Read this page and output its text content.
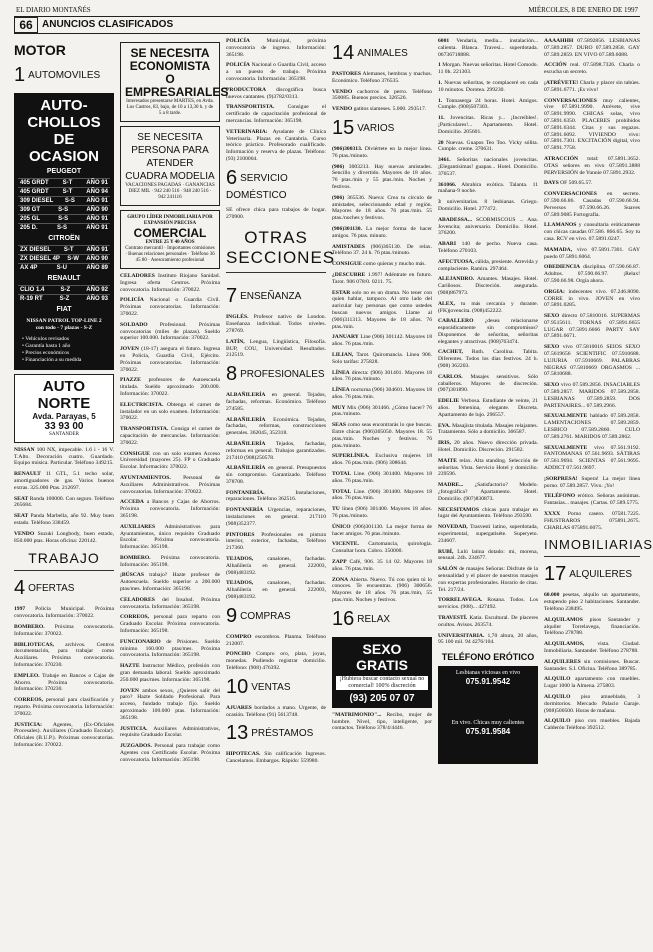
EL DIARIO MONTAÑÉS	MIÉRCOLES, 8 DE ENERO DE 1997
66 ANUNCIOS CLASIFICADOS
MOTOR
1 AUTOMOVILES
AUTO-CHOLLOS DE OCASION
PEUGEOT
405 GRDT S-T AÑO 91
405 GRDT S-T AÑO 94
309 DIESEL S-S AÑO 91
309 GT	S-S	AÑO 90
205 GL	S-S	AÑO 91
205 D.	S-S	AÑO 91
CITROËN
ZX DIESEL S-T AÑO 91
ZX DIESEL 4P S-W AÑO 90
AX 4P	S-U	AÑO 89
RENAULT
CLIO 1.4	S-Z	AÑO 92
R-19 RT	S-Z	AÑO 93
FIAT
NISSAN PATROL TOP-LINE 2 con todo - 7 plazas - S-Z
• Vehículos revisados
• Garantía hasta 1 año
• Precios económicos
• Financiación a su medida
AUTO NORTE
Avda. Parayas, 5
33 93 00
SANTANDER

NISSAN 100 NX, impecable. 1.6 i - 16 V. T.Alto. Decoración cuatro. Guardado. Equipo música. Particular. Teléfono 349215.

RENAULT 11 GTL, 5.1 techo solar, amortiguadores de gas. Varios buenos extras. 325.000 Ptas. 212697.

SEAT Ronda 100000. Con seguro. Teléfono 265684.

SEAT Panda Marbella, año 92. Muy buen estado. Teléfono 338459.

VENDO Suzuki Longbody, buen estado, 850.000 ptas. Horas oficina: 220142.

TRABAJO
4 OFERTAS

1997 Policía Municipal. Próxima convocatoria. Información: 370022.

BOMBERO. Próxima convocatoria. Información: 370022.

BIBLIOTECAS, archivos. Centros documentación, para trabajar como Auxiliares. Próxima convocatoria. Información: 370230.

EMPLEO. Trabaje en Bancos o Cajas de Ahorro. Próxima convocatoria. Información: 370230.

CORREOS, personal para clasificación y reparto. Próxima convocatoria. Información: 370022.

JUSTICIA: Agentes, (Ex-Oficiales Procesales). Auxiliares (Graduado Escolar). Oficiales (B.U.P.). Próximas convocatorias. Información: 370022.

SE NECESITA ECONOMISTA O EMPRESARIALES
Interesados presentarse MARTES, en Avda. Los Castros, 83, bajo, de 10 a 13,30 h. y de 5 a 8 tarde.
SE NECESITA PERSONA PARA ATENDER CUADRA MODELIA
VACACIONES PAGADAS · GANANCIAS DIEZ MIL · 942 240 516 · 948 240 516 · 942 241116
GRUPO LÍDER INMOBILIARIA POR EXPANSIÓN PRECISA
COMERCIAL
ENTRE 25 Y 40 AÑOS
Contrato mercantil · Importantes comisiones · Buenas relaciones personales · Teléfono 36 45 80 · Asesoramiento profesional

CELADORES Instituto Riojano Sanidad. Ingresa oferta Centros. Próxima convocatoria. Información: 370022.

POLICÍA Nacional o Guardia Civil. Próximas convocatorias. Información: 370022.

SOLDADO Profesional. Próximas convocatorias (miles de plazas). Sueldo superior 100.000. Información: 370022.

JOVEN (18-17) asegura el futuro. Ingresa en Policía, Guardia Civil, Ejército. Próximas convocatorias. Información: 370022.

PIAZZE profesores de Autoescuela titulada. Sueldo aproximado 200.000. Información: 370022.

ELECTRICISTA. Obtenga el carnet de instalador en un solo examen. Información: 370022.

TRANSPORTISTA. Consiga el carnet de capacitación de mercancías. Información: 370022.

CONSIGUE con un solo examen Acceso Universidad (mayores 25). FP o Graduado Escolar. Información: 370022.

AYUNTAMIENTOS. Personal de Auxiliares Administrativos. Próximas convocatorias. Información: 370022.

ACCEDA a Bancos y Cajas de Ahorros. Próxima convocatoria. Información: 365198.

AUXILIARES Administrativos para Ayuntamientos, único requisito Graduado Escolar. Próxima convocatoria. Información: 365198.

BOMBERO. Próxima convocatoria. Información: 365198.

¡BÚSCAS trabajo? Hazte profesor de Autoescuela. Sueldo superior a 200.000 ptas/mes. Información: 365198.

CELADORES del Insalud. Próxima convocatoria. Información: 365198.

CORREOS, personal para reparto con Graduado Escolar. Próxima convocatoria. Información: 365198.

FUNCIONARIO de Prisiones. Sueldo mínimo 160.000 ptas/mes. Próxima convocatoria. Información: 365198.

HAZTE Instructor Médico, profesión con gran demanda laboral. Sueldo aproximado 250.000 ptas/mes. Información: 365198.

JOVEN ambos sexos, ¿Quieres salir del paro? Hazte Soldado Profesional. Para acceso, fundado trabajo fijo. Sueldo aproximado 100.000 ptas. Información: 365198.

JUSTICIA. Auxiliares Administrativos, requisito Graduado Escolar.

JUZGADOS. Personal para trabajar como Agentes con Certificado Escolar. Próxima convocatoria. Información: 365198.

POLICÍA Municipal, próxima convocatoria de ingreso. Información: 365198.

POLICÍA Nacional o Guardia Civil, acceso a un puesto de trabajo. Próxima convocatoria. Información: 365198.

PRODUCTORA discográfica busca nuevos cantantes. (9)3782/0313.

TRANSPORTISTA. Consigue el certificado de capacitación profesional de mercancías. Información: 365198.

VETERINARIA: Ayudante de Clínica Veterinaria. Plazas en Cantabria. Curso teórico práctico. Profesorado cualificado. Información y reserva de plazas. Teléfono: (93) 2100004.

6 SERVICIO DOMÉSTICO

SE ofrece chica para trabajos de hogar. 270900.

OTRAS SECCIONES
7 ENSEÑANZA

INGLÉS. Profesor nativo de London. Enseñanza individual. Todos niveles. 278769.

LATÍN, Lengua, Lingüística, Filosofía. BUP, COU, Universidad. Resultados. 212519.

8 PROFESIONALES

ALBAÑILERÍA en general. Tejados, fachadas, reformas. Económico. Teléfono 274585.

ALBAÑILERÍA Económica. Tejados, fachadas, reformas, construcciones generales. 362045, 352318.

ALBAÑILERÍA Tejados, fachadas, reformas en general. Trabajos garantizados. 217410 (908)250578.

ALBAÑILERÍA en general. Presupuestos sin compromiso. Garantizado. Teléfono 378708.

FONTANERÍA. Instalaciones, reparaciones. Teléfono 362516.

FONTANERÍA Urgencias, reparaciones, instalaciones en general. 217110 (908)352377.

PINTORES Profesionales en pintura interior, exterior, fachadas, Teléfono 217360.

TEJADOS, canalones, fachadas. Albañilería en general. 222003, (908)483192.

TEJADOS, canalones, fachadas. Albañilería en general. 222003, (908)483192.

9 COMPRAS

COMPRO escombros. Planma. Teléfono 212007.

PONCHO Compro oro, plata, joyas, monedas. Pudiendo registrar domicilio. Teléfono: (908) 476392.

10 VENTAS

AJUARES bordados a mano. Urgente, de ocasión. Teléfono (91) 5613748.

13 PRÉSTAMOS

HIPOTECAS. Sin calificación Ingresos. Cancelamos. Embargos. Rápido: 559980.

14 ANIMALES

PASTORES Alemanes, hembras y machos. Económico. Teléfono 376535.

VENDO cachorros de perro. Teléfono 350085. Buenos precios. 326526.

VENDO gatitos siameses. 5.000. 293517.

15 VARIOS

(906)300313. Diviértete en la mejor línea. 76 ptas./minuto.

(906) 3003213. Hay nuevas amistades. Sencillo y divertido. Mayores de 18 años. 76 ptas./min y 55 ptas./min. Noches y festivos.

(906) 365536. Nueva: Crea tu círculo de amistades, seleccionando edad y región. Mayores de 18 años. 76 ptas./min. 55 ptas./noches y festivos.

(906)301130. La mejor forma de hacer amigos. 76 ptas. minuto.

AMISTADES (906)305130. De relax. Teléfono 37. 24 h. 76 ptas./minuto.

CONSIGUE como quieras y mucho más.

¿DESCUBRE 1.997! Adéntrate en futuro. Tarot. 906 078/0. 0211. 75.

ESTAR solo no es un drama. No tener con quien hablar, tampoco. Al otro lado del auricular hay personas que como ustedes buscan nuevos amigos. Llame al (906)311313. Mayores de 18 años. 76 ptas./min.

JANUARY Line (906) 301142. Mayores 18 años. 76 ptas./min.

LILIAN, Tarot. Quiromancia. Línea 906. Solo tarifas: 275828.

LÍNEA directa: (906) 301401. Mayores 18 años. 76 ptas./minuto.

LÍNEA nocturna (906) 304601. Mayores 18 años. 76 ptas./min.

MUY Mix (906) 301466. ¿Cómo hacer? 76 ptas./minuto.

SEAS como seas encontrarás lo que buscas. Entre chicas (906)305050. Mayores 18. 55 ptas./min. Noches y festivos. 76 ptas./minuto.

SUPERLÍNEA. Exclusiva mujeres 18 años. 76 ptas./min. (906) 308644.

TOTAL Line. (906) 301400. Mayores 18 años. 76 ptas./min.

TOTAL Line. (906) 301400. Mayores 18 años. 76 ptas./min.

TU línea (906) 301400. Mayores 18 años. 76 ptas./minuto.

ÚNICO (906)301130. La mejor forma de hacer amigos. 76 ptas./minuto.

VICENTE. Cartomancia, quirología. Consultar hora. Cobro. 350000.

ZAPP Café, 906. 35 14 02. Mayores 18 años. 76 ptas./min.

ZONA Abierta. Nuevo. Tú con quien tú lo conoces. Te encuentras. (906) 300656. Mayores de 18 años. 76 ptas./min, 55 ptas./min. Noches y festivos.

16 RELAX
SEXO GRATIS
¡Hubiera buscar contacto sexual no comercial! 100% discreción
(93) 205 07 07

"MATRIMONIO"... Recibo, mujer de hombre. Nivel, tipo, inteligente, por contactos. Teléfono 378/4/4446.

6001 Vendaría, media... instalación... calienta. Blanca. Travesí... superdotada. 06736718888.

1 Morgan. Nuevas señoritas. Hotel Comodo. 11 0h. 221303.

1. Nuevas señoritas, te complaceré en cada 10 minutos. Dorotea. 299230.

1. Tonnaserga 24 horas. Hotel. Amigos. Cumple. (908)507303.

11. Jovencitas. Ricas y... ¡Increíbles!. ¡Particulares!... Apartamento. Hotel. Domicilio. 205601.

20 Nuevas. Guapos Teo Too. Vicky sólita. Cumple. creme. 370631.

3461. Señoritas nacionales jovencitas. ¡Elegantísimas! guapas... Hotel. Domicilio. 376537.

361066. Abrahira exótica. Talanta. 11 mañana-9 noche.

3 universitarias. 8 lesbianas. Griego. Domicilio. Hotel. 277472.

ABADESSA... SCORMISCOUS ... Ana. Jovencita; aniversario. Domicilio. Hotel. 376200.

ABARI 140 de pecho. Nueva casa. Teléfono 270103.

AFECTUOSA, cálida, presiente. Atrevida y complaciente. Ramira. 297464.

ALEJANDRO. Amantes. Masajes. Hotel. Cariñosos. Discreción. asegurada. (908)867973.

ALEX, tu más cercanía y durante. (FK)jovencita. (908)452222.

CABALLERO ¿desea relacionarse esporádicamente sin compromisos? Disponemos de señoritas, señoritas elegantes y atractivas. (908)763474.

CACHET, Ruth. Carolina. Tabita. Diferentes. Todos los días festivos. 24 h. (908) 362203.

CARLOS. Masajes sensitivos. Sólo caballeros. Mayores de discreción. (907)301890.

EDELIE Verbosa. Estudiante de veinte, 21 años. femenina, elegante. Discreta. Apartamento de lujo. 296557.

EVA. Masajista titulada. Masajes relajantes. Tratamiento. Sólo a domicilio. 366587.

IRIS, 20 años. Nuevo dirección privada. Hotel. Domicilio. Discreción. 291582.

MAITE relax. Alta standing. Selección de señoritas. Vista. Servicio Hotel y domicilio. 239596.

MADRE... ¿Satisfactorio? Modelo. ¿fotográfica? Apartamento. Hotel. Domicilio. (907)830873.

NECESITAMOS chicas para trabajar en lugar del Ayuntamiento. Teléfono 293590.

NOVEDAD, Trasvesti latino, superdotada, experimental, supergatiséte. Superyeto. 234607.

RUBÍ, Lulú latina dotado: mi, morena, sensual. 24h. 234677.

SALÓN de masajes Señoras: Disfrute de la sensualidad y el placer de nuestros masajes con expertas profesionales. Horario de citas. Tel. 217/24.

TORRELAVEGA. Rosana. Todos. Los servicios. (908)... 427492.

TRAVESTÍ. Katia. Escultural. De placeres ocultos. Avisos. 263574.

UNIVERSITARIA. 1,70 altura, 20 años, 95 100 mil. 94 4276/104.

TELÉFONO ERÓTICO
Lesbianas viciosas en vivo
075.91.9542
En vivo. Chicas muy calientes
075.91.9584

AAAAHHH 07.5892856. LESBIANAS 07.589.2857. DURO 07.589.2858. GAY 07.589.2859. EN VIVO 07.589.6088.

ACCIÓN real. 07.5898.7326. Charla o escucha un secreto.

¡ATRÉVETE! Charla y placer sin tabúes. 07.5891.6771. ¡Es vivo!

CONVERSACIONES muy calientes, vive 07.5891.9990. Atrévete, vive 07.5891.9990. CHICAS solas, vivo 07.5891.6350. PLACERES prohibidos 07.5891.6344. Citas y sus regazos. 07.5891.6092. VIVIENDO vivo: 07.5891.7301. EXCITACIÓN digital, vivo 07.5891.7758.

ATRACCIÓN total: 07.5891.3652. OTAS señores en vivo 07.5891.3888 PERVERSIÓN de Yunnie 07.5891.2932.

DAYS OF 509.65.57.

CONVERSACIONES en secreto. 07.590.66.86. Casadas 07.590.66.94. Perversos 07.590.66.26. Suaves 07.589.9085 Fortografía.

LLAMANOS y consultaría eróticamente con chicas casadas 07.586. 866.65. Soy tu casa. RCV en vivo. 07.5891.0247.

MAMADA, vivo 07.5891.7301. GAY puedo 07.5891.6064.

OBEDIENCIA disciplina. 07.590.66.87. Adultos. 07.590.66.97. ¡Relax! 07.590.66.98. Orgía ahora.

ORGIA: indecentes vivo. 07.246.8090. CORRE in vivo. JOVEN en vivo 07.5891.0285.

SEXO directo 07.5810016. SUPERMAS 07.9515611. TORNAS 07.5891.6655 LUGAR 07.5891.6666 PARTY SAY 07.5891.6671.

SEXO vivo 07.5810016 SEIOS SEXO 07.5619656 SCIENTIFIC 07.5910688. LUJURIA 07.5910669. PALABRAS NEGRAS 07.5810669 ORGASMOS ... 07.5810688.

SEXO vivo 07.589.2856. INSACIABLES 07.589.2857. MARIDOS 07.589.2858. LESBIANAS 07.589.2859. DOS PARTENAIRES... 07.589.2966.

SEXUALMENTE hablado 07.589.2858. LAMENTACIONES 07.589.2859. LESBICO 07.589.2860. CULO 07.589.2761. MARIDOS 07.589.2862.

SEXUALMENTE vivo 07.561.9192. FANTOMANAS 07.561.9693. SÁTIRAS 07.561.9694. SCIENTAS 07.561.9695. ADDICT 07.561.9697.

¡SORPRESA! Supera! La mejor línea porno. 07.589.2857. Vivo. ¡Yo!

TELÉFONO erótico. Señoras anónimas. Fantasías... masajes. (Cartas. 07.589.5775.

XXXX Porno casero. 07581.7225. FHUSTRAROS 075891.2675. CHARLAS 075891.6075.

INMOBILIARIAS
17 ALQUILERES

60.000 pesetas, alquilo un apartamento, estupendo piso 2 habitaciones. Santander. Teléfono 238495.

ALQUILAMOS pisos Santander y alquiler Torrelavega, financiación. Teléfono 278788.

ALQUILAMOS, vista. Ciudad. Inmobiliaria. Santander. Teléfono 278788.

ALQUILERES sin comisiones. Buscar. Santander. S.I. Oficina. Teléfono 389785.

ALQUILO apartamento con muebles. Lugar 1000 la Almena. 275803.

ALQUILO piso amueblado, 3 dormitorios. Mercado Palacio Garaje. (908)500500. Horas de mañana.

ALQUILO piso con muebles. Bajada Calderón Teléfono 392512.
